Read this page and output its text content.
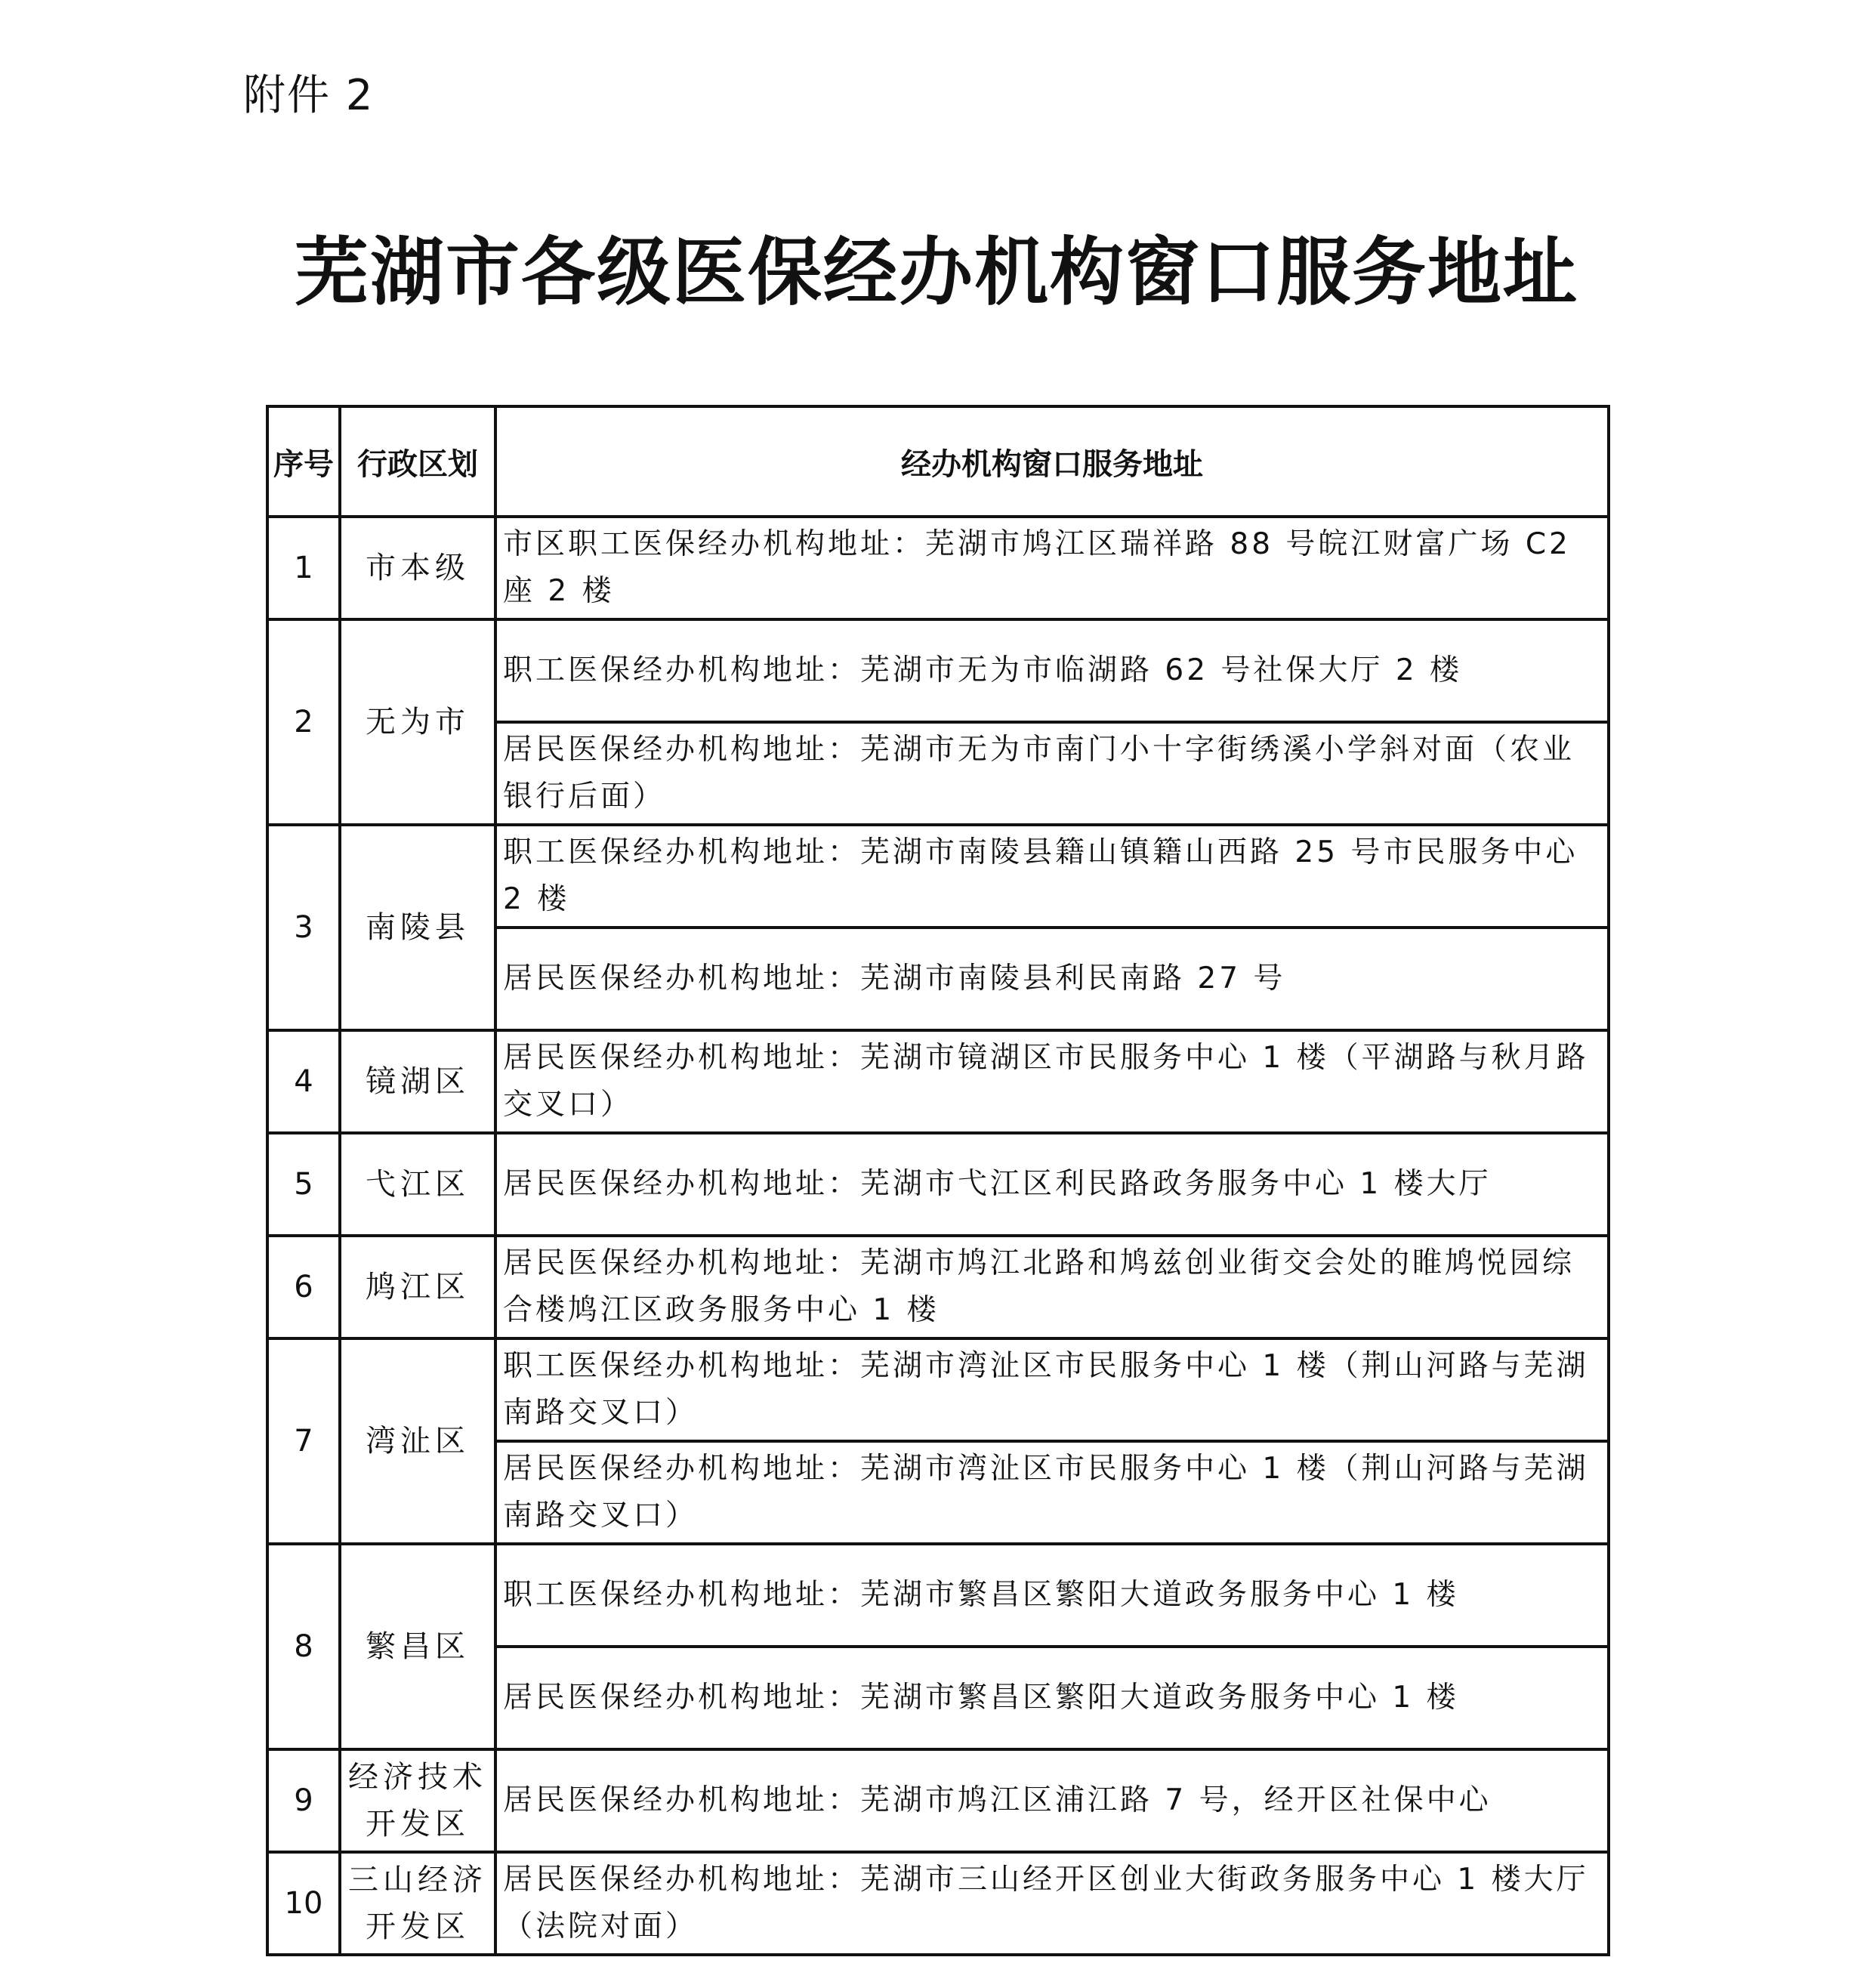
附件 2
芜湖市各级医保经办机构窗口服务地址
序号	行政区划	经办机构窗口服务地址
1	市本级	市区职工医保经办机构地址：芜湖市鸠江区瑞祥路 88 号皖江财富广场 C2 座 2 楼
2	无为市	职工医保经办机构地址：芜湖市无为市临湖路 62 号社保大厅 2 楼
		居民医保经办机构地址：芜湖市无为市南门小十字街绣溪小学斜对面（农业银行后面）
3	南陵县	职工医保经办机构地址：芜湖市南陵县籍山镇籍山西路 25 号市民服务中心 2 楼
		居民医保经办机构地址：芜湖市南陵县利民南路 27 号
4	镜湖区	居民医保经办机构地址：芜湖市镜湖区市民服务中心 1 楼（平湖路与秋月路交叉口）
5	弋江区	居民医保经办机构地址：芜湖市弋江区利民路政务服务中心 1 楼大厅
6	鸠江区	居民医保经办机构地址：芜湖市鸠江北路和鸠兹创业街交会处的睢鸠悦园综合楼鸠江区政务服务中心 1 楼
7	湾沚区	职工医保经办机构地址：芜湖市湾沚区市民服务中心 1 楼（荆山河路与芜湖南路交叉口）
		居民医保经办机构地址：芜湖市湾沚区市民服务中心 1 楼（荆山河路与芜湖南路交叉口）
8	繁昌区	职工医保经办机构地址：芜湖市繁昌区繁阳大道政务服务中心 1 楼
		居民医保经办机构地址：芜湖市繁昌区繁阳大道政务服务中心 1 楼
9	经济技术开发区	居民医保经办机构地址：芜湖市鸠江区浦江路 7 号，经开区社保中心
10	三山经济开发区	居民医保经办机构地址：芜湖市三山经开区创业大街政务服务中心 1 楼大厅（法院对面）
